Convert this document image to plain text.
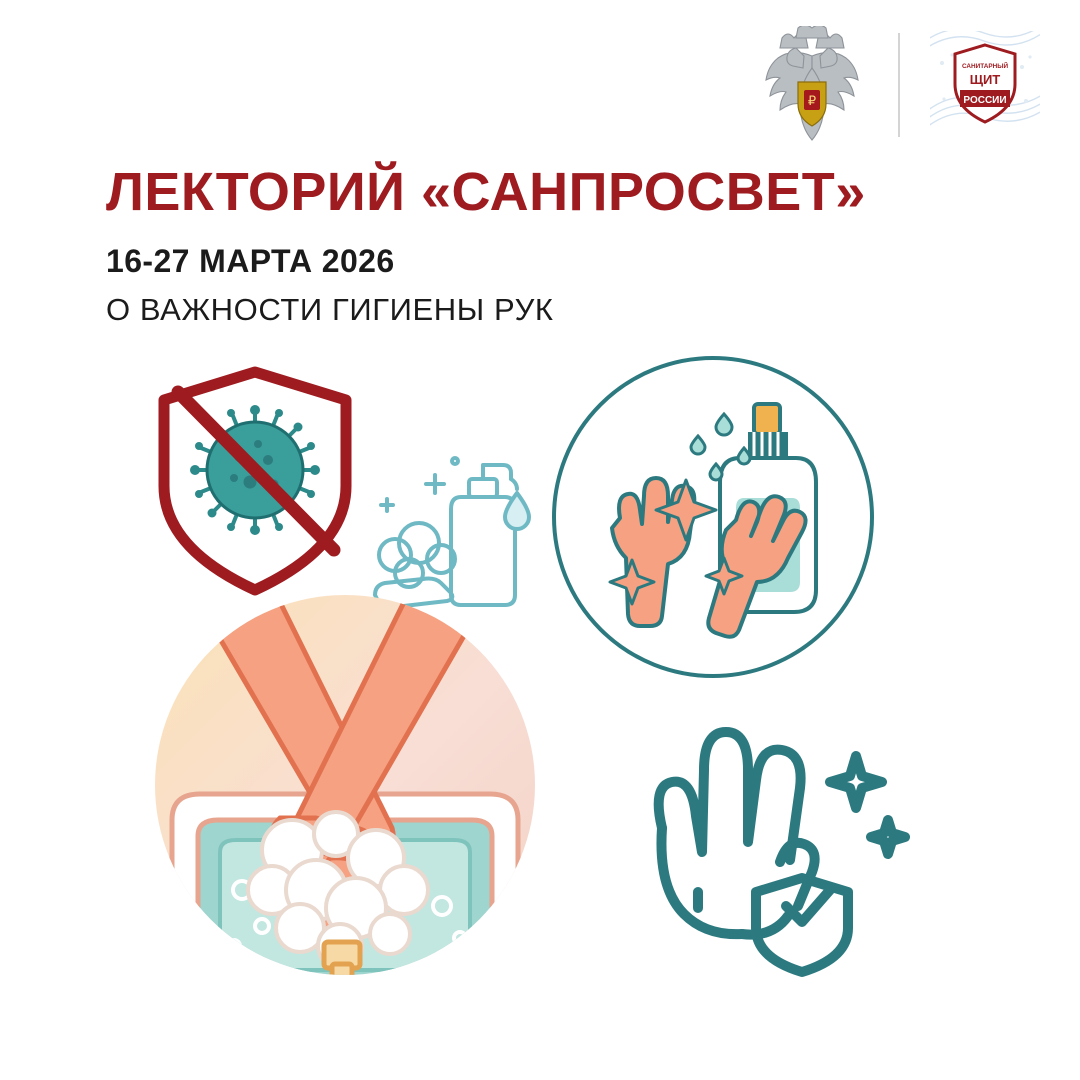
₽
САНИТАРНЫЙ
ЩИТ
РОССИИ
ЛЕКТОРИЙ «САНПРОСВЕТ»
16-27 МАРТА 2026
О ВАЖНОСТИ ГИГИЕНЫ РУК
